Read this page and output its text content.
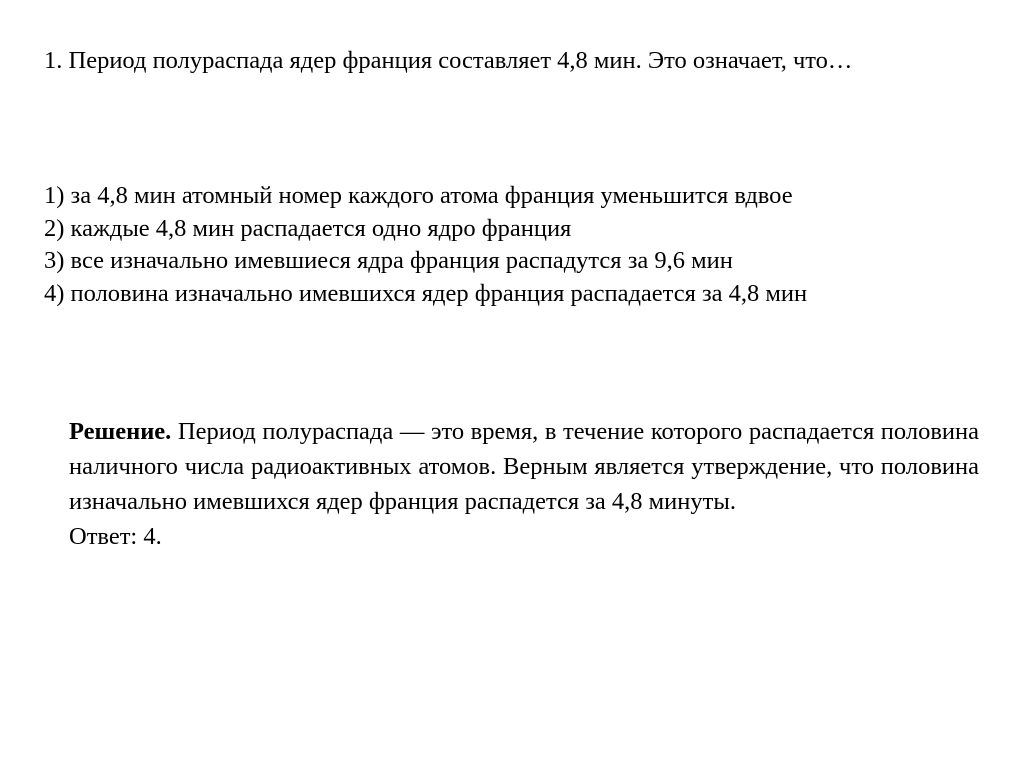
1. Период полураспада ядер франция составляет 4,8 мин. Это означает, что…

1) за 4,8 мин атомный номер каждого атома франция уменьшится вдвое
2) каждые 4,8 мин распадается одно ядро франция
3) все изначально имевшиеся ядра франция распадутся за 9,6 мин
4) половина изначально имевшихся ядер франция распадается за 4,8 мин

Решение. Период полураспада — это время, в течение которого распадается половина наличного числа радиоактивных атомов. Верным является утверждение, что половина изначально имевшихся ядер франция распадется за 4,8 минуты.

Ответ: 4.
